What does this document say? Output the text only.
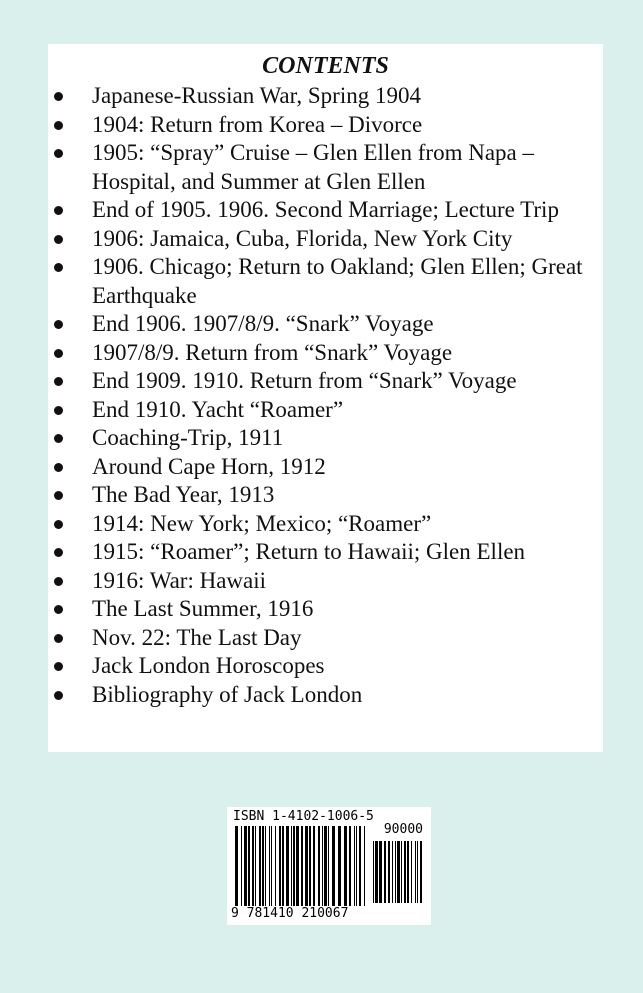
CONTENTS
Japanese-Russian War, Spring 1904
1904: Return from Korea – Divorce
1905: “Spray” Cruise – Glen Ellen from Napa – Hospital, and Summer at Glen Ellen
End of 1905. 1906. Second Marriage; Lecture Trip
1906: Jamaica, Cuba, Florida, New York City
1906. Chicago; Return to Oakland; Glen Ellen; Great Earthquake
End 1906. 1907/8/9. “Snark” Voyage
1907/8/9. Return from “Snark” Voyage
End 1909. 1910. Return from “Snark” Voyage
End 1910. Yacht “Roamer”
Coaching-Trip, 1911
Around Cape Horn, 1912
The Bad Year, 1913
1914: New York; Mexico; “Roamer”
1915: “Roamer”; Return to Hawaii; Glen Ellen
1916: War: Hawaii
The Last Summer, 1916
Nov. 22: The Last Day
Jack London Horoscopes
Bibliography of Jack London
ISBN 1-4102-1006-5
90000
9 781410 210067
